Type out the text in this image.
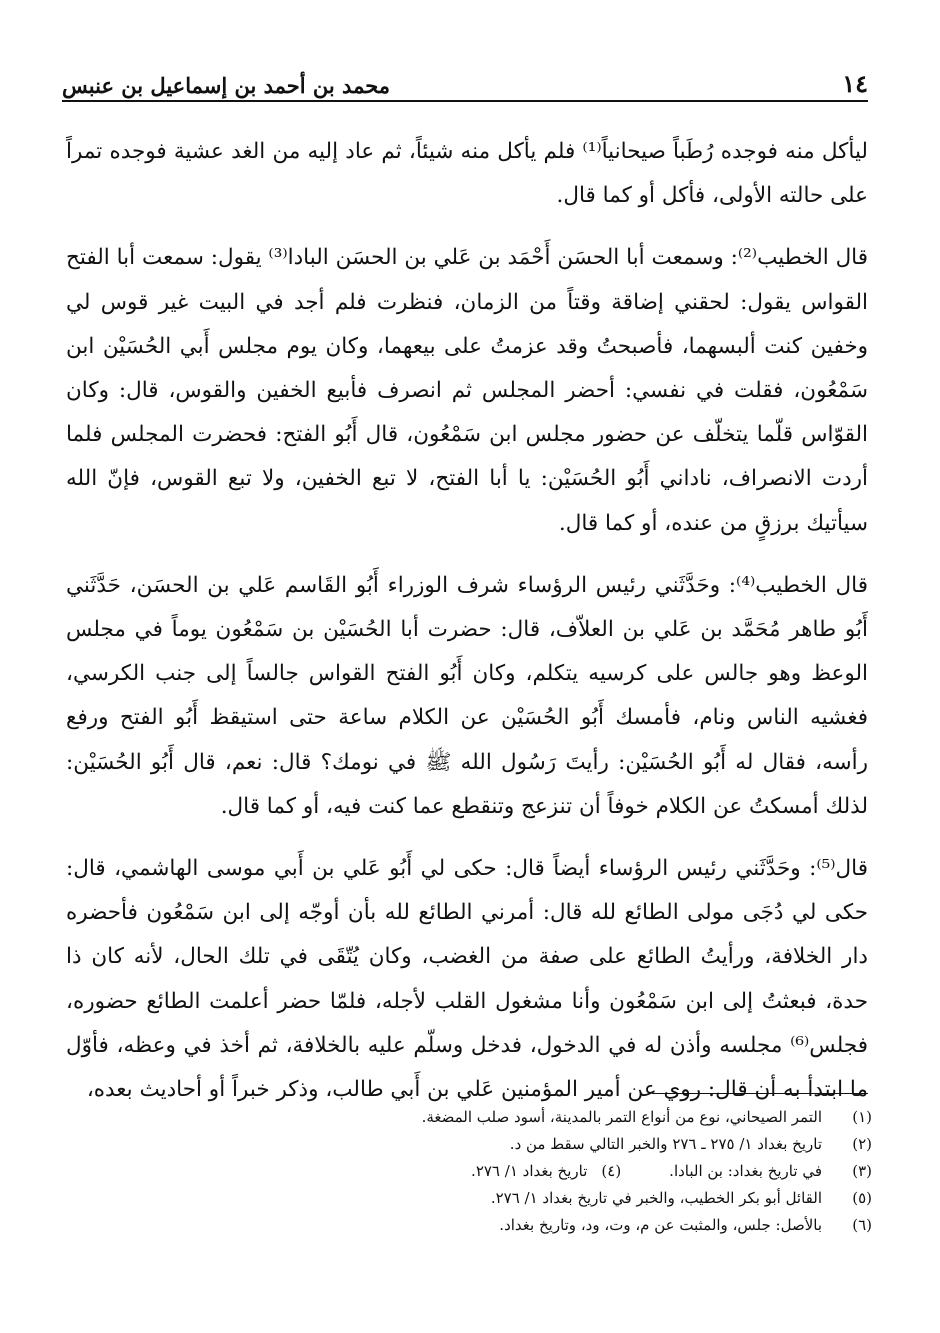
١٤
محمد بن أحمد بن إسماعيل بن عنبس

ليأكل منه فوجده رُطَباً صيحانياً⁽¹⁾ فلم يأكل منه شيئاً، ثم عاد إليه من الغد عشية فوجده تمراً على حالته الأولى، فأكل أو كما قال.

قال الخطيب⁽²⁾: وسمعت أبا الحسَن أَحْمَد بن عَلي بن الحسَن البادا⁽³⁾ يقول: سمعت أبا الفتح القواس يقول: لحقني إضاقة وقتاً من الزمان، فنظرت فلم أجد في البيت غير قوس لي وخفين كنت ألبسهما، فأصبحتُ وقد عزمتُ على بيعهما، وكان يوم مجلس أَبي الحُسَيْن ابن سَمْعُون، فقلت في نفسي: أحضر المجلس ثم انصرف فأبيع الخفين والقوس، قال: وكان القوّاس قلّما يتخلّف عن حضور مجلس ابن سَمْعُون، قال أَبُو الفتح: فحضرت المجلس فلما أردت الانصراف، ناداني أَبُو الحُسَيْن: يا أبا الفتح، لا تبع الخفين، ولا تبع القوس، فإنّ الله سيأتيك برزقٍ من عنده، أو كما قال.

قال الخطيب⁽⁴⁾: وحَدَّثَني رئيس الرؤساء شرف الوزراء أَبُو القَاسم عَلي بن الحسَن، حَدَّثَني أَبُو طاهر مُحَمَّد بن عَلي بن العلاّف، قال: حضرت أبا الحُسَيْن بن سَمْعُون يوماً في مجلس الوعظ وهو جالس على كرسيه يتكلم، وكان أَبُو الفتح القواس جالساً إلى جنب الكرسي، فغشيه الناس ونام، فأمسك أَبُو الحُسَيْن عن الكلام ساعة حتى استيقظ أَبُو الفتح ورفع رأسه، فقال له أَبُو الحُسَيْن: رأيتَ رَسُول الله ﷺ في نومك؟ قال: نعم، قال أَبُو الحُسَيْن: لذلك أمسكتُ عن الكلام خوفاً أن تنزعج وتنقطع عما كنت فيه، أو كما قال.

قال⁽⁵⁾: وحَدَّثَني رئيس الرؤساء أيضاً قال: حكى لي أَبُو عَلي بن أَبي موسى الهاشمي، قال: حكى لي دُجَى مولى الطائع لله قال: أمرني الطائع لله بأن أوجّه إلى ابن سَمْعُون فأحضره دار الخلافة، ورأيتُ الطائع على صفة من الغضب، وكان يُتّقَى في تلك الحال، لأنه كان ذا حدة، فبعثتُ إلى ابن سَمْعُون وأنا مشغول القلب لأجله، فلمّا حضر أعلمت الطائع حضوره، فجلس⁽⁶⁾ مجلسه وأذن له في الدخول، فدخل وسلّم عليه بالخلافة، ثم أخذ في وعظه، فأوّل ما ابتدأ به أن قال: روي عن أمير المؤمنين عَلي بن أَبي طالب، وذكر خبراً أو أحاديث بعده،

(١)
التمر الصيحاني، نوع من أنواع التمر بالمدينة، أسود صلب المضغة.
(٢)
تاريخ بغداد ١/ ٢٧٥ ـ ٢٧٦ والخبر التالي سقط من د.
(٣)
في تاريخ بغداد: بن البادا.
(٤)
تاريخ بغداد ١/ ٢٧٦.
(٥)
القائل أبو بكر الخطيب، والخبر في تاريخ بغداد ١/ ٢٧٦.
(٦)
بالأصل: جلس، والمثبت عن م، وت، ود، وتاريخ بغداد.
